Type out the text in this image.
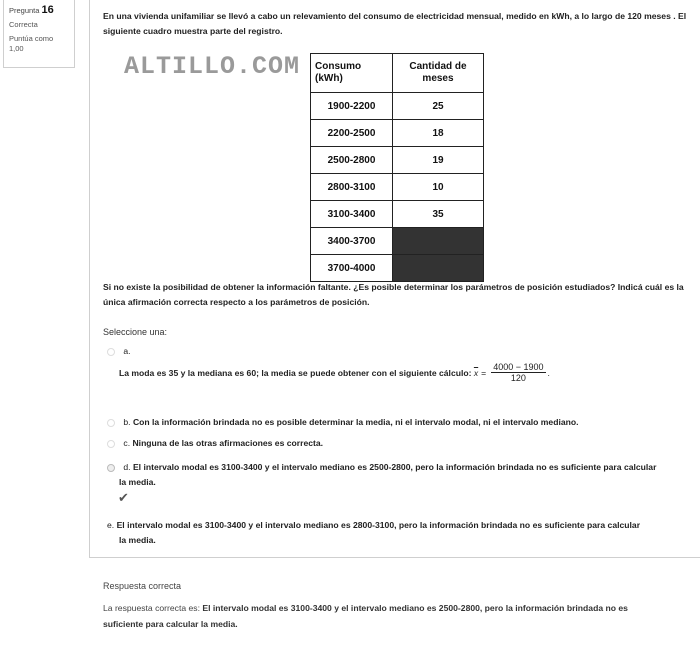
Pregunta 16
Correcta
Puntúa como
1,00
En una vivienda unifamiliar se llevó a cabo un relevamiento del consumo de electricidad mensual, medido en kWh, a lo largo de 120 meses . El siguiente cuadro muestra parte del registro.
ALTILLO.COM Consumo (kWh)	Cantidad de meses
1900-2200	25
2200-2500	18
2500-2800	19
2800-3100	10
3100-3400	35
3400-3700	
3700-4000	
Si no existe la posibilidad de obtener la información faltante. ¿Es posible determinar los parámetros de posición estudiados? Indicá cuál es la única afirmación correcta respecto a los parámetros de posición.
Seleccione una:
a.
La moda es 35 y la mediana es 60; la media se puede obtener con el siguiente cálculo:
$\overline{x} = \frac{4000 - 1900}{120}$ .
b. Con la información brindada no es posible determinar la media, ni el intervalo modal, ni el intervalo mediano.
c. Ninguna de las otras afirmaciones es correcta.
d. El intervalo modal es 3100-3400 y el intervalo mediano es 2500-2800, pero la información brindada no es suficiente para calcular
la media.
✔
e. El intervalo modal es 3100-3400 y el intervalo mediano es 2800-3100, pero la información brindada no es suficiente para calcular
la media.
Respuesta correcta
La respuesta correcta es: El intervalo modal es 3100-3400 y el intervalo mediano es 2500-2800, pero la información brindada no es
suficiente para calcular la media.
